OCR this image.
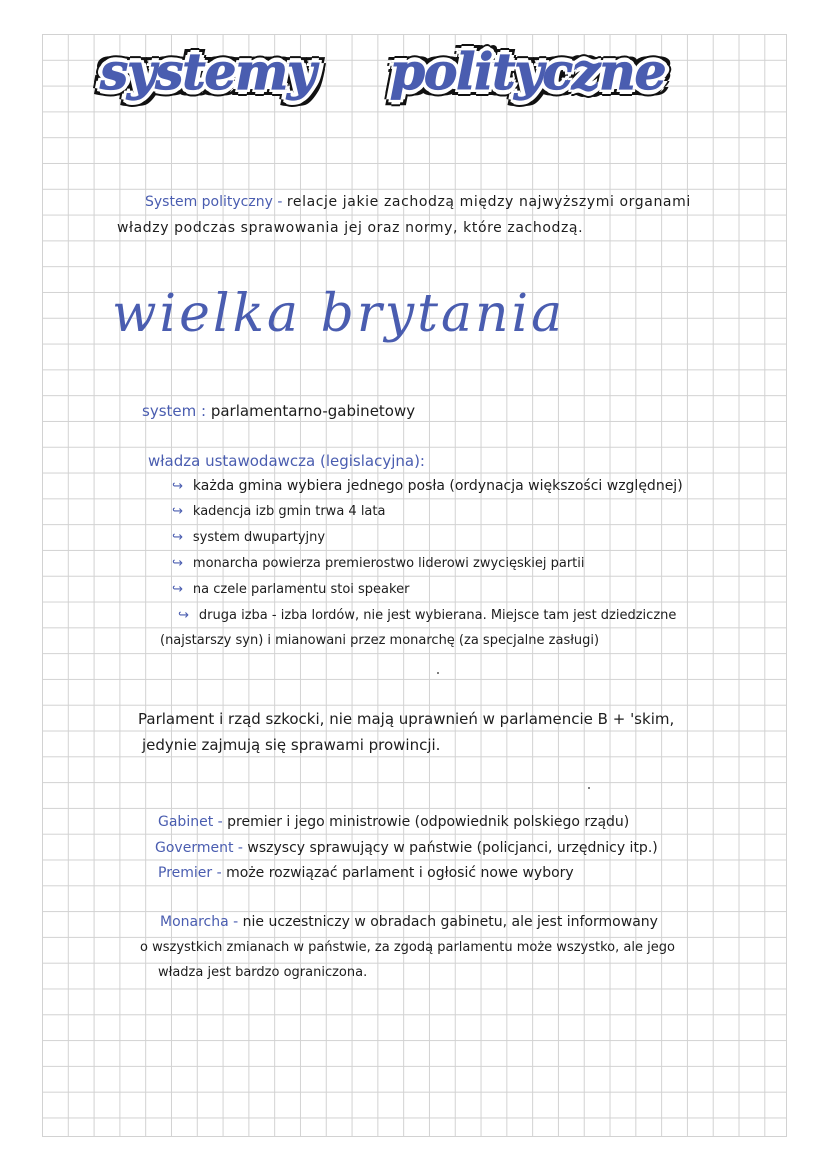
systemy polityczne
System polityczny - relacje jakie zachodzą między najwyższymi organami
władzy podczas sprawowania jej oraz normy, które zachodzą.
wielka brytania
system : parlamentarno-gabinetowy
władza ustawodawcza (legislacyjna):
↪ każda gmina wybiera jednego posła (ordynacja większości względnej)
↪ kadencja izb gmin trwa 4 lata
↪ system dwupartyjny
↪ monarcha powierza premierostwo liderowi zwycięskiej partii
↪ na czele parlamentu stoi speaker
↪ druga izba - izba lordów, nie jest wybierana. Miejsce tam jest dziedziczne
(najstarszy syn) i mianowani przez monarchę (za specjalne zasługi)
Parlament i rząd szkocki, nie mają uprawnień w parlamencie B + 'skim,
jedynie zajmują się sprawami prowincji.
Gabinet - premier i jego ministrowie (odpowiednik polskiego rządu)
Goverment - wszyscy sprawujący w państwie (policjanci, urzędnicy itp.)
Premier - może rozwiązać parlament i ogłosić nowe wybory
Monarcha - nie uczestniczy w obradach gabinetu, ale jest informowany
o wszystkich zmianach w państwie, za zgodą parlamentu może wszystko, ale jego
władza jest bardzo ograniczona.
